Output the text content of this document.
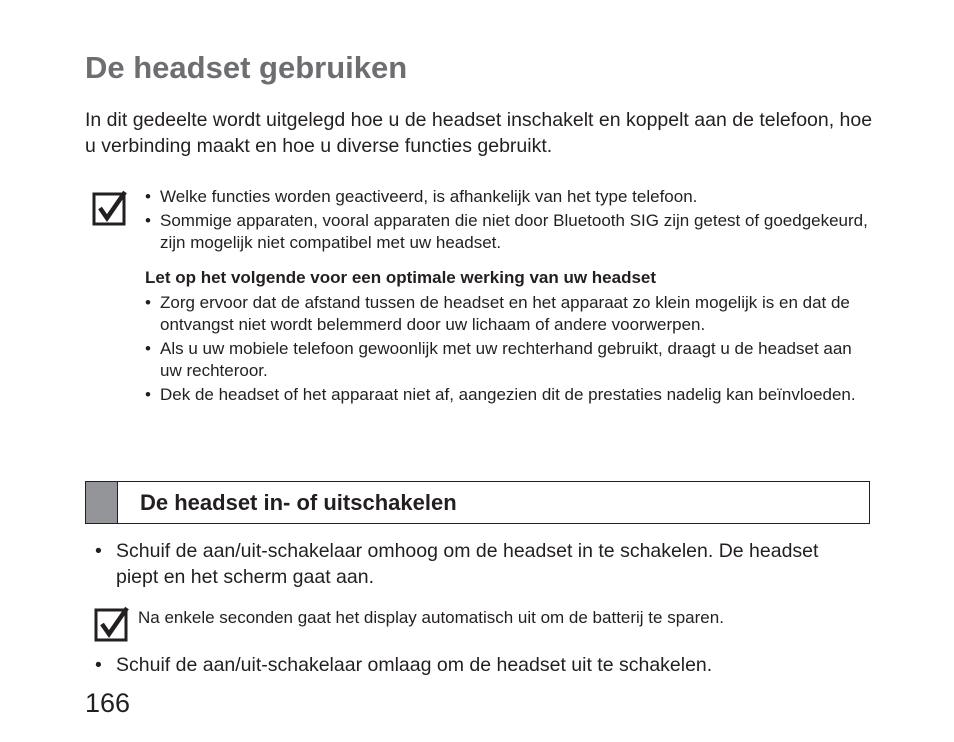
De headset gebruiken

In dit gedeelte wordt uitgelegd hoe u de headset inschakelt en koppelt aan de telefoon, hoe u verbinding maakt en hoe u diverse functies gebruikt.

• Welke functies worden geactiveerd, is afhankelijk van het type telefoon.
• Sommige apparaten, vooral apparaten die niet door Bluetooth SIG zijn getest of goedgekeurd, zijn mogelijk niet compatibel met uw headset.

Let op het volgende voor een optimale werking van uw headset

• Zorg ervoor dat de afstand tussen de headset en het apparaat zo klein mogelijk is en dat de ontvangst niet wordt belemmerd door uw lichaam of andere voorwerpen.
• Als u uw mobiele telefoon gewoonlijk met uw rechterhand gebruikt, draagt u de headset aan uw rechteroor.
• Dek de headset of het apparaat niet af, aangezien dit de prestaties nadelig kan beïnvloeden.
De headset in- of uitschakelen
• Schuif de aan/uit-schakelaar omhoog om de headset in te schakelen. De headset piept en het scherm gaat aan.

Na enkele seconden gaat het display automatisch uit om de batterij te sparen.

• Schuif de aan/uit-schakelaar omlaag om de headset uit te schakelen.

166
